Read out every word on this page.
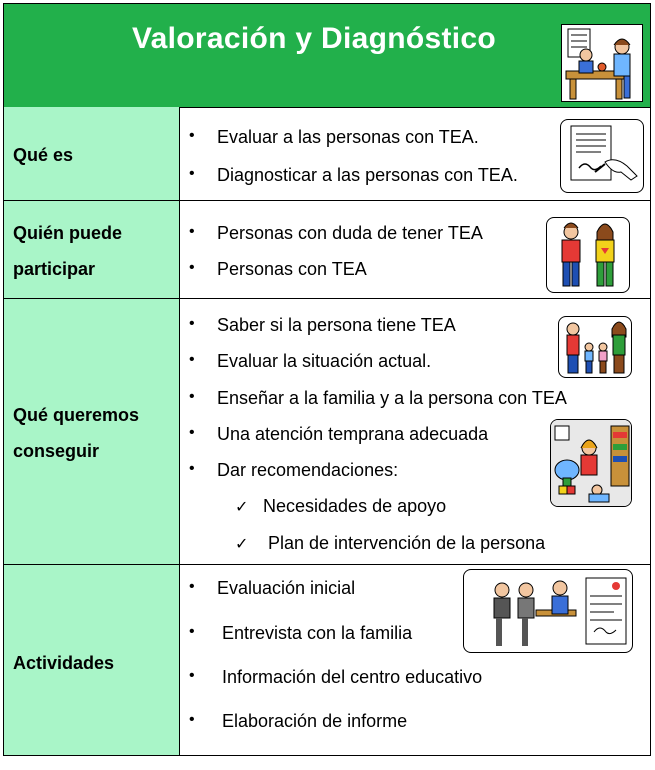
Valoración y Diagnóstico
Qué es
• Evaluar a las personas con TEA.
• Diagnosticar a las personas con TEA.
Quién puede
participar
• Personas con duda de tener TEA
• Personas con TEA
Qué queremos
conseguir
• Saber si la persona tiene TEA
• Evaluar la situación actual.
• Enseñar a la familia y a la persona con TEA
• Una atención temprana adecuada
• Dar recomendaciones:
✓ Necesidades de apoyo
✓ Plan de intervención de la persona
Actividades
• Evaluación inicial
• Entrevista con la familia
• Información del centro educativo
• Elaboración de informe
